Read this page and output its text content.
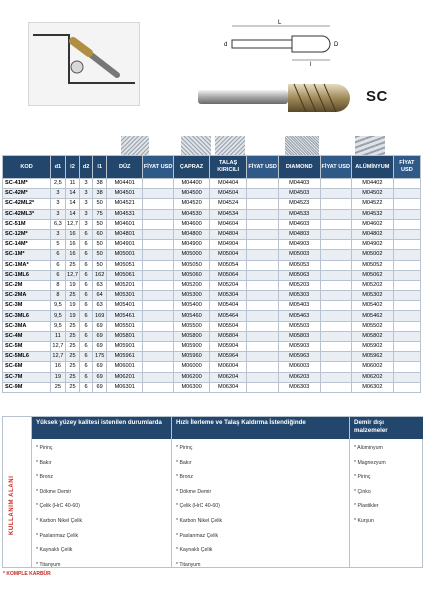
L
l
d	D
SC
KOD	d1	l2	d2	l1	DÜZ	FİYAT USD	ÇAPRAZ	TALAŞ KIRICILI	FİYAT USD	DIAMOND	FİYAT USD	ALÜMİNYUM	FİYAT USD
SC-41M*	2,5	11	3	38	M04401		M04400	M04404		M04403		M04402	
SC-42M*	3	14	3	38	M04501		M04500	M04504		M04503		M04502	
SC-42ML2*	3	14	3	50	M04521		M04520	M04524		M04523		M04522	
SC-42ML3*	3	14	3	75	M04531		M04530	M04534		M04533		M04532	
SC-51M	6,3	12,7	3	50	M04601		M04600	M04604		M04603		M04602	
SC-12M*	3	16	6	60	M04801		M04800	M04804		M04803		M04802	
SC-14M*	5	16	6	50	M04901		M04900	M04904		M04903		M04902	
SC-1M*	6	16	6	50	M05001		M05000	M05004		M05003		M05002	
SC-1MA*	6	25	6	50	M05051		M05050	M05054		M05053		M05052	
SC-1ML6	6	12,7	6	162	M05061		M05060	M05064		M05063		M05062	
SC-2M	8	19	6	63	M05201		M05200	M05204		M05203		M05202	
SC-2MA	8	25	6	64	M05301		M05300	M05304		M05303		M05302	
SC-3M	9,5	19	6	63	M05401		M05400	M05404		M05403		M05402	
SC-3ML6	9,5	19	6	169	M05461		M05460	M05464		M05463		M05462	
SC-3MA	9,5	25	6	69	M05501		M05500	M05504		M05503		M05502	
SC-4M	11	25	6	69	M05801		M05800	M05804		M05803		M05802	
SC-5M	12,7	25	6	69	M05901		M05900	M05904		M05903		M05902	
SC-5ML6	12,7	25	6	175	M05961		M05960	M05964		M05963		M05962	
SC-6M	16	25	6	69	M06001		M06000	M06004		M06003		M06002	
SC-7M	19	25	6	69	M06201		M06200	M06204		M06203		M06202	
SC-9M	25	25	6	69	M06301		M06300	M06304		M06303		M06302	
KULLANIM ALANI
Yüksek yüzey kalitesi istenilen durumlarda
* Pirinç
* Bakır
* Bronz
* Dökme Demir
* Çelik (HrC 40-60)
* Karbon Nikel Çelik
* Paslanmaz Çelik
* Kaynaklı Çelik
* Titanyum
Hızlı İlerleme ve Talaş Kaldırma İstendiğinde
* Pirinç
* Bakır
* Bronz
* Dökme Demir
* Çelik (HrC 40-60)
* Karbon Nikel Çelik
* Paslanmaz Çelik
* Kaynaklı Çelik
* Titanyum
Demir dışı malzemeler
* Alüminyum
* Magnezyum
* Pirinç
* Çinko
* Plastikler
* Kurşun
* KOMPLE KARBÜR
